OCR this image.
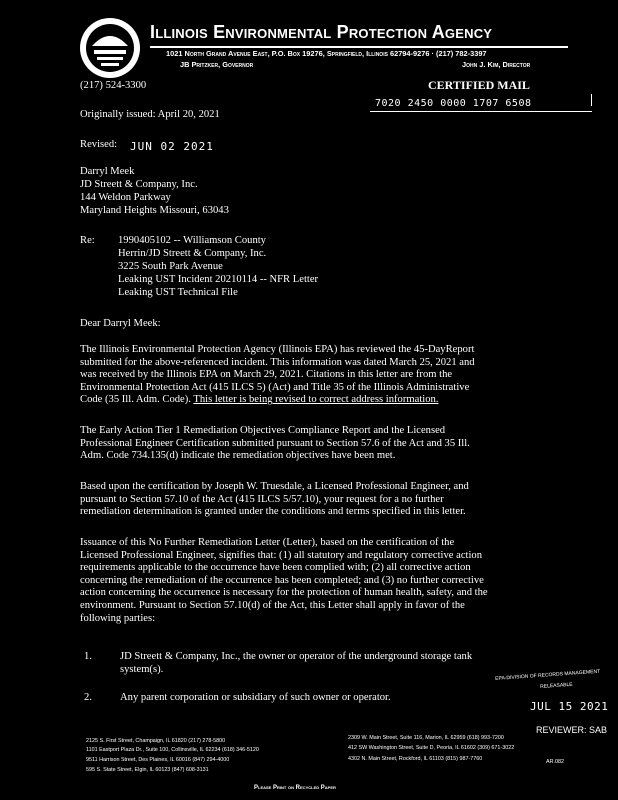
Illinois Environmental Protection Agency
1021 North Grand Avenue East, P.O. Box 19276, Springfield, Illinois 62794-9276 · (217) 782-3397
JB Pritzker, Governor	John J. Kim, Director
(217) 524-3300	CERTIFIED MAIL
7020 2450 0000 1707 6508
Originally issued: April 20, 2021
Revised: JUN 02 2021
Darryl Meek
JD Streett & Company, Inc.
144 Weldon Parkway
Maryland Heights Missouri, 63043
Re: 1990405102 -- Williamson County
Herrin/JD Streett & Company, Inc.
3225 South Park Avenue
Leaking UST Incident 20210114 -- NFR Letter
Leaking UST Technical File
Dear Darryl Meek:
The Illinois Environmental Protection Agency (Illinois EPA) has reviewed the 45-DayReport
submitted for the above-referenced incident. This information was dated March 25, 2021 and
was received by the Illinois EPA on March 29, 2021. Citations in this letter are from the
Environmental Protection Act (415 ILCS 5) (Act) and Title 35 of the Illinois Administrative
Code (35 Ill. Adm. Code). This letter is being revised to correct address information.
The Early Action Tier 1 Remediation Objectives Compliance Report and the Licensed
Professional Engineer Certification submitted pursuant to Section 57.6 of the Act and 35 Ill.
Adm. Code 734.135(d) indicate the remediation objectives have been met.
Based upon the certification by Joseph W. Truesdale, a Licensed Professional Engineer, and
pursuant to Section 57.10 of the Act (415 ILCS 5/57.10), your request for a no further
remediation determination is granted under the conditions and terms specified in this letter.
Issuance of this No Further Remediation Letter (Letter), based on the certification of the
Licensed Professional Engineer, signifies that: (1) all statutory and regulatory corrective action
requirements applicable to the occurrence have been complied with; (2) all corrective action
concerning the remediation of the occurrence has been completed; and (3) no further corrective
action concerning the occurrence is necessary for the protection of human health, safety, and the
environment. Pursuant to Section 57.10(d) of the Act, this Letter shall apply in favor of the
following parties:
1.	JD Streett & Company, Inc., the owner or operator of the underground storage tank
system(s).
2.	Any parent corporation or subsidiary of such owner or operator.
EPA-DIVISION OF RECORDS MANAGEMENT
RELEASABLE
JUL 15 2021
REVIEWER: SAB
2125 S. First Street, Champaign, IL 61820 (217) 278-5800
1101 Eastport Plaza Dr., Suite 100, Collinsville, IL 62234 (618) 346-5120
9511 Harrison Street, Des Plaines, IL 60016 (847) 294-4000
595 S. State Street, Elgin, IL 60123 (847) 608-3131
2309 W. Main Street, Suite 116, Marion, IL 62959 (618) 993-7200
412 SW Washington Street, Suite D, Peoria, IL 61602 (309) 671-3022
4302 N. Main Street, Rockford, IL 61103 (815) 987-7760	AR.082
Please Print on Recycled Paper
